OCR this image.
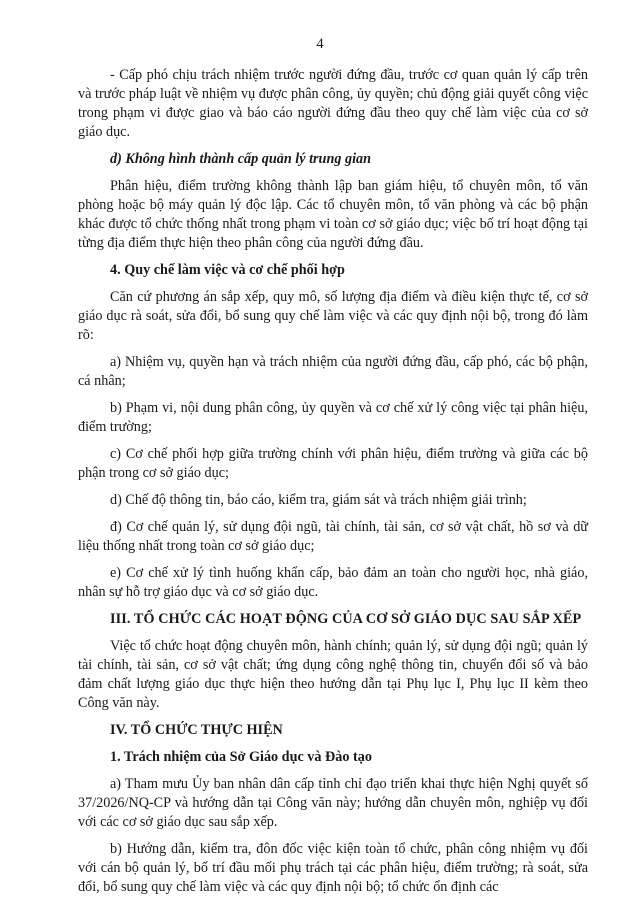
4

- Cấp phó chịu trách nhiệm trước người đứng đầu, trước cơ quan quản lý cấp trên và trước pháp luật về nhiệm vụ được phân công, ủy quyền; chủ động giải quyết công việc trong phạm vi được giao và báo cáo người đứng đầu theo quy chế làm việc của cơ sở giáo dục.

d) Không hình thành cấp quản lý trung gian

Phân hiệu, điểm trường không thành lập ban giám hiệu, tổ chuyên môn, tổ văn phòng hoặc bộ máy quản lý độc lập. Các tổ chuyên môn, tổ văn phòng và các bộ phận khác được tổ chức thống nhất trong phạm vi toàn cơ sở giáo dục; việc bố trí hoạt động tại từng địa điểm thực hiện theo phân công của người đứng đầu.

4. Quy chế làm việc và cơ chế phối hợp

Căn cứ phương án sắp xếp, quy mô, số lượng địa điểm và điều kiện thực tế, cơ sở giáo dục rà soát, sửa đổi, bổ sung quy chế làm việc và các quy định nội bộ, trong đó làm rõ:

a) Nhiệm vụ, quyền hạn và trách nhiệm của người đứng đầu, cấp phó, các bộ phận, cá nhân;

b) Phạm vi, nội dung phân công, ủy quyền và cơ chế xử lý công việc tại phân hiệu, điểm trường;

c) Cơ chế phối hợp giữa trường chính với phân hiệu, điểm trường và giữa các bộ phận trong cơ sở giáo dục;

d) Chế độ thông tin, báo cáo, kiểm tra, giám sát và trách nhiệm giải trình;

đ) Cơ chế quản lý, sử dụng đội ngũ, tài chính, tài sản, cơ sở vật chất, hồ sơ và dữ liệu thống nhất trong toàn cơ sở giáo dục;

e) Cơ chế xử lý tình huống khẩn cấp, bảo đảm an toàn cho người học, nhà giáo, nhân sự hỗ trợ giáo dục và cơ sở giáo dục.

III. TỔ CHỨC CÁC HOẠT ĐỘNG CỦA CƠ SỞ GIÁO DỤC SAU SẮP XẾP

Việc tổ chức hoạt động chuyên môn, hành chính; quản lý, sử dụng đội ngũ; quản lý tài chính, tài sản, cơ sở vật chất; ứng dụng công nghệ thông tin, chuyển đổi số và bảo đảm chất lượng giáo dục thực hiện theo hướng dẫn tại Phụ lục I, Phụ lục II kèm theo Công văn này.

IV. TỔ CHỨC THỰC HIỆN

1. Trách nhiệm của Sở Giáo dục và Đào tạo

a) Tham mưu Ủy ban nhân dân cấp tỉnh chỉ đạo triển khai thực hiện Nghị quyết số 37/2026/NQ-CP và hướng dẫn tại Công văn này; hướng dẫn chuyên môn, nghiệp vụ đối với các cơ sở giáo dục sau sắp xếp.

b) Hướng dẫn, kiểm tra, đôn đốc việc kiện toàn tổ chức, phân công nhiệm vụ đối với cán bộ quản lý, bố trí đầu mối phụ trách tại các phân hiệu, điểm trường; rà soát, sửa đổi, bổ sung quy chế làm việc và các quy định nội bộ; tổ chức ổn định các
